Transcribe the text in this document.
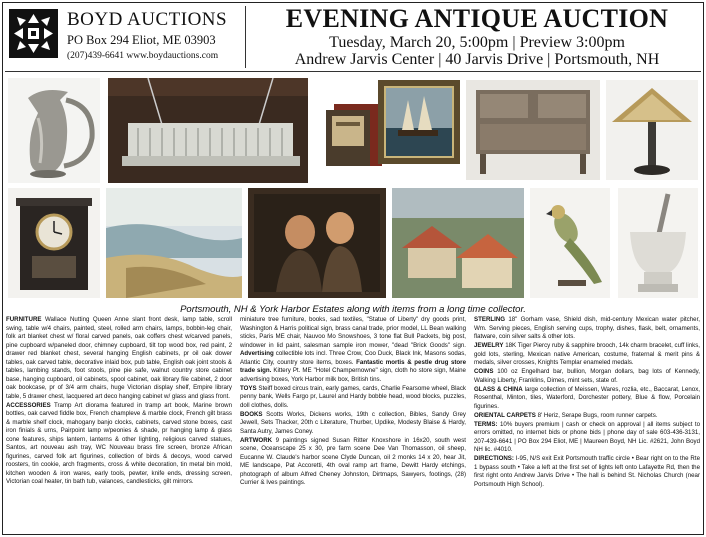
BOYD AUCTIONS
PO Box 294 Eliot, ME 03903
(207)439-6641 www.boydauctions.com
EVENING ANTIQUE AUCTION
Tuesday, March 20, 5:00pm | Preview 3:00pm
Andrew Jarvis Center | 40 Jarvis Drive | Portsmouth, NH
Portsmouth, NH & York Harbor Estates along with items from a long time collector.

FURNITURE Wallace Nutting Queen Anne slant front desk, lamp table, scroll swing, table w/4 chairs, painted, steel, rolled arm chairs, lamps, bobbin-leg chair, folk art blanket chest w/ floral carved panels, oak coffers chest w/carved panels, pine cupboard w/paneled door, chimney cupboard, tilt top wood box, red paint, 2 drawer red blanket chest, several hanging English cabinets, pr oil oak dower tables, oak carved table, decorative inlaid box, pub table, English oak joint stools & tables, lambing stands, foot stools, pine pie safe, walnut country store cabinet base, hanging cupboard, oil cabinets, spool cabinet, oak library file cabinet, 2 door oak bookcase, pr of 3/4 arm chairs, huge Victorian display shelf, Empire library table, 5 drawer chest, lacquered art deco hanging cabinet w/ glass and glass front.

ACCESSORIES Tramp Art diorama featured in tramp art book, Marine brown bottles, oak carved fiddle box, French champleve & marble clock, French gilt brass & marble shelf clock, mahogany banjo clocks, cabinets, carved stone boxes, cast iron finials & urns, Pairpoint lamp w/peonies & shade, pr hanging lamp & glass cone features, ships lantern, lanterns & other lighting, religious carved statues, Santos, art nouveau ash tray, WC Nouveau brass fire screen, bronze African figurines, carved folk art figurines, collection of birds & decoys, wood carved roosters, tin cookie, arch fragments, cross & white decoration, tin metal bin mold, kitchen wooden & iron wares, early tools, pewter, knife ends, dressing screen, Victorian coal heater, tin bath tub, valances, candlesticks, gilt mirrors.

miniature tree furniture, books, sad textiles, "Statue of Liberty" dry goods print, Washington & Harris political sign, brass canal trade, prior model, LL Bean walking sticks, Paris ME chair, Nauvoo Mo Snowshoes, 3 tone flat Bull Packets, big post, windower in lid paint, salesman sample iron mower, "dead "Brick Goods" sign. Advertising collectible lots incl. Three Crow, Coo Duck, Black Ink, Masons sodas, Atlantic City, country store items, boxes. Fantastic mortis & pestle drug store trade sign. Kittery Pt. ME "Hotel Champernowne" sign, cloth ho store sign, Maine advertising boxes, York Harbor milk box, British tins.

TOYS Steiff boxed circus train, early games, cards, Charlie Fearsome wheel, Black penny bank, Wells Fargo pr, Laurel and Hardy bobble head, wood blocks, puzzles, doll clothes, dolls.

BOOKS Scotts Works, Dickens works, 19th c collection, Bibles, Sandy Grey Jewell, Sets Thacker, 20th c Literature, Thurber, Updike, Modesty Blaise & Hardy, Santa Autry, James Coney.

ARTWORK 9 paintings signed Susan Ritter Knoxshore in 16x20, south west scene, Oceanscape 25 x 30, pre farm scene Dee Van Thomasson, oil sheep, Eucanne W. Claude's harbor scene Clyde Duncan, oil 2 monks 14 x 20, hear Jit, ME landscape, Pat Accoretti, 4th oval ramp art frame, Dewitt Hardy etchings, photograph of album Alfred Cheney Johnston, Dirtmaps, Sawyers, footings, (28) Currier & Ives paintings.

STERLING 18" Gorham vase, Shield dish, mid-century Mexican water pitcher, Wm. Serving pieces, English serving cups, trophy, dishes, flask, belt, ornaments, flatware, coin silver salts & other lots.

JEWELRY 18K Tiger Piercy ruby & sapphire brooch, 14k charm bracelet, cuff links, gold lots, sterling, Mexican native American, costume, fraternal & merit pins & medals, silver crosses, Knights Templar enameled medals.

COINS 100 oz Engelhard bar, bullion, Morgan dollars, bag lots of Kennedy, Walking Liberty, Franklins, Dimes, mint sets, state of.

GLASS & CHINA large collection of Meissen, Wares, rozlia, etc., Baccarat, Lenox, Rosenthal, Minton, tiles, Waterford, Dorchester pottery, Blue & flow, Porcelain figurines.

ORIENTAL CARPETS 8' Heriz, Serape Bugs, room runner carpets.

TERMS: 10% buyers premium | cash or check on approval | all items subject to errors omitted, no internet bids or phone bids | phone day of sale 603-436-3131, 207-439-6641 | PO Box 294 Eliot, ME | Maureen Boyd, NH Lic. #2621, John Boyd NH lic. #4010.

DIRECTIONS: I-95, N/S exit Exit Portsmouth traffic circle • Bear right on to the Rte 1 bypass south • Take a left at the first set of lights left onto Lafayette Rd, then the first right onto Andrew Jarvis Drive • The hall is behind St. Nicholas Church (near Portsmouth High School).
